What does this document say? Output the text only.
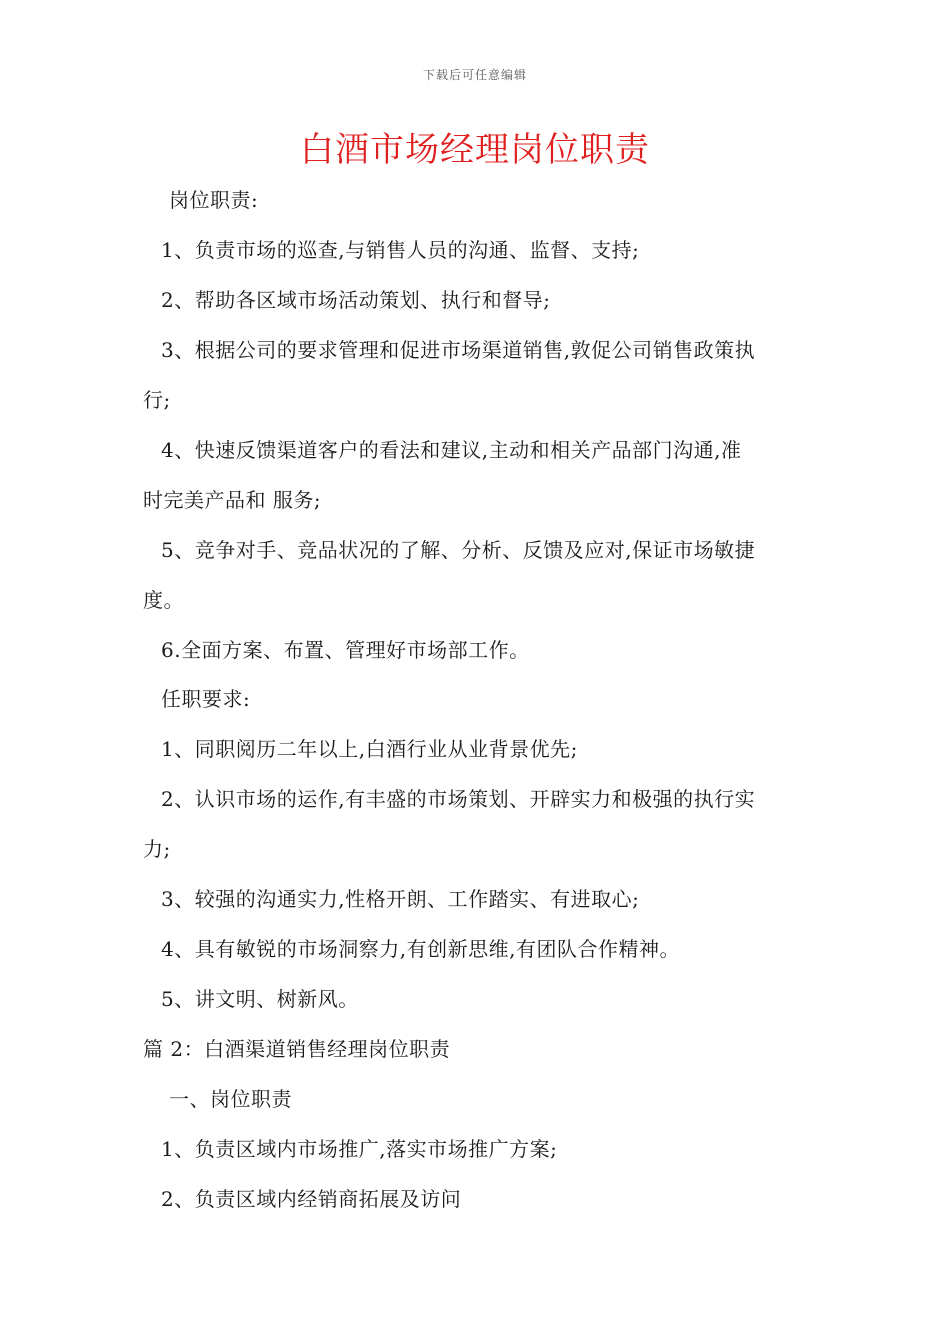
下载后可任意编辑
白酒市场经理岗位职责
岗位职责:
1、负责市场的巡查,与销售人员的沟通、监督、支持;
2、帮助各区域市场活动策划、执行和督导;
3、根据公司的要求管理和促进市场渠道销售,敦促公司销售政策执
行;
4、快速反馈渠道客户的看法和建议,主动和相关产品部门沟通,准
时完美产品和 服务;
5、竞争对手、竞品状况的了解、分析、反馈及应对,保证市场敏捷
度。
6.全面方案、布置、管理好市场部工作。
任职要求:
1、同职阅历二年以上,白酒行业从业背景优先;
2、认识市场的运作,有丰盛的市场策划、开辟实力和极强的执行实
力;
3、较强的沟通实力,性格开朗、工作踏实、有进取心;
4、具有敏锐的市场洞察力,有创新思维,有团队合作精神。
5、讲文明、树新风。
篇 2：白酒渠道销售经理岗位职责
一、岗位职责
1、负责区域内市场推广,落实市场推广方案;
2、负责区域内经销商拓展及访问
